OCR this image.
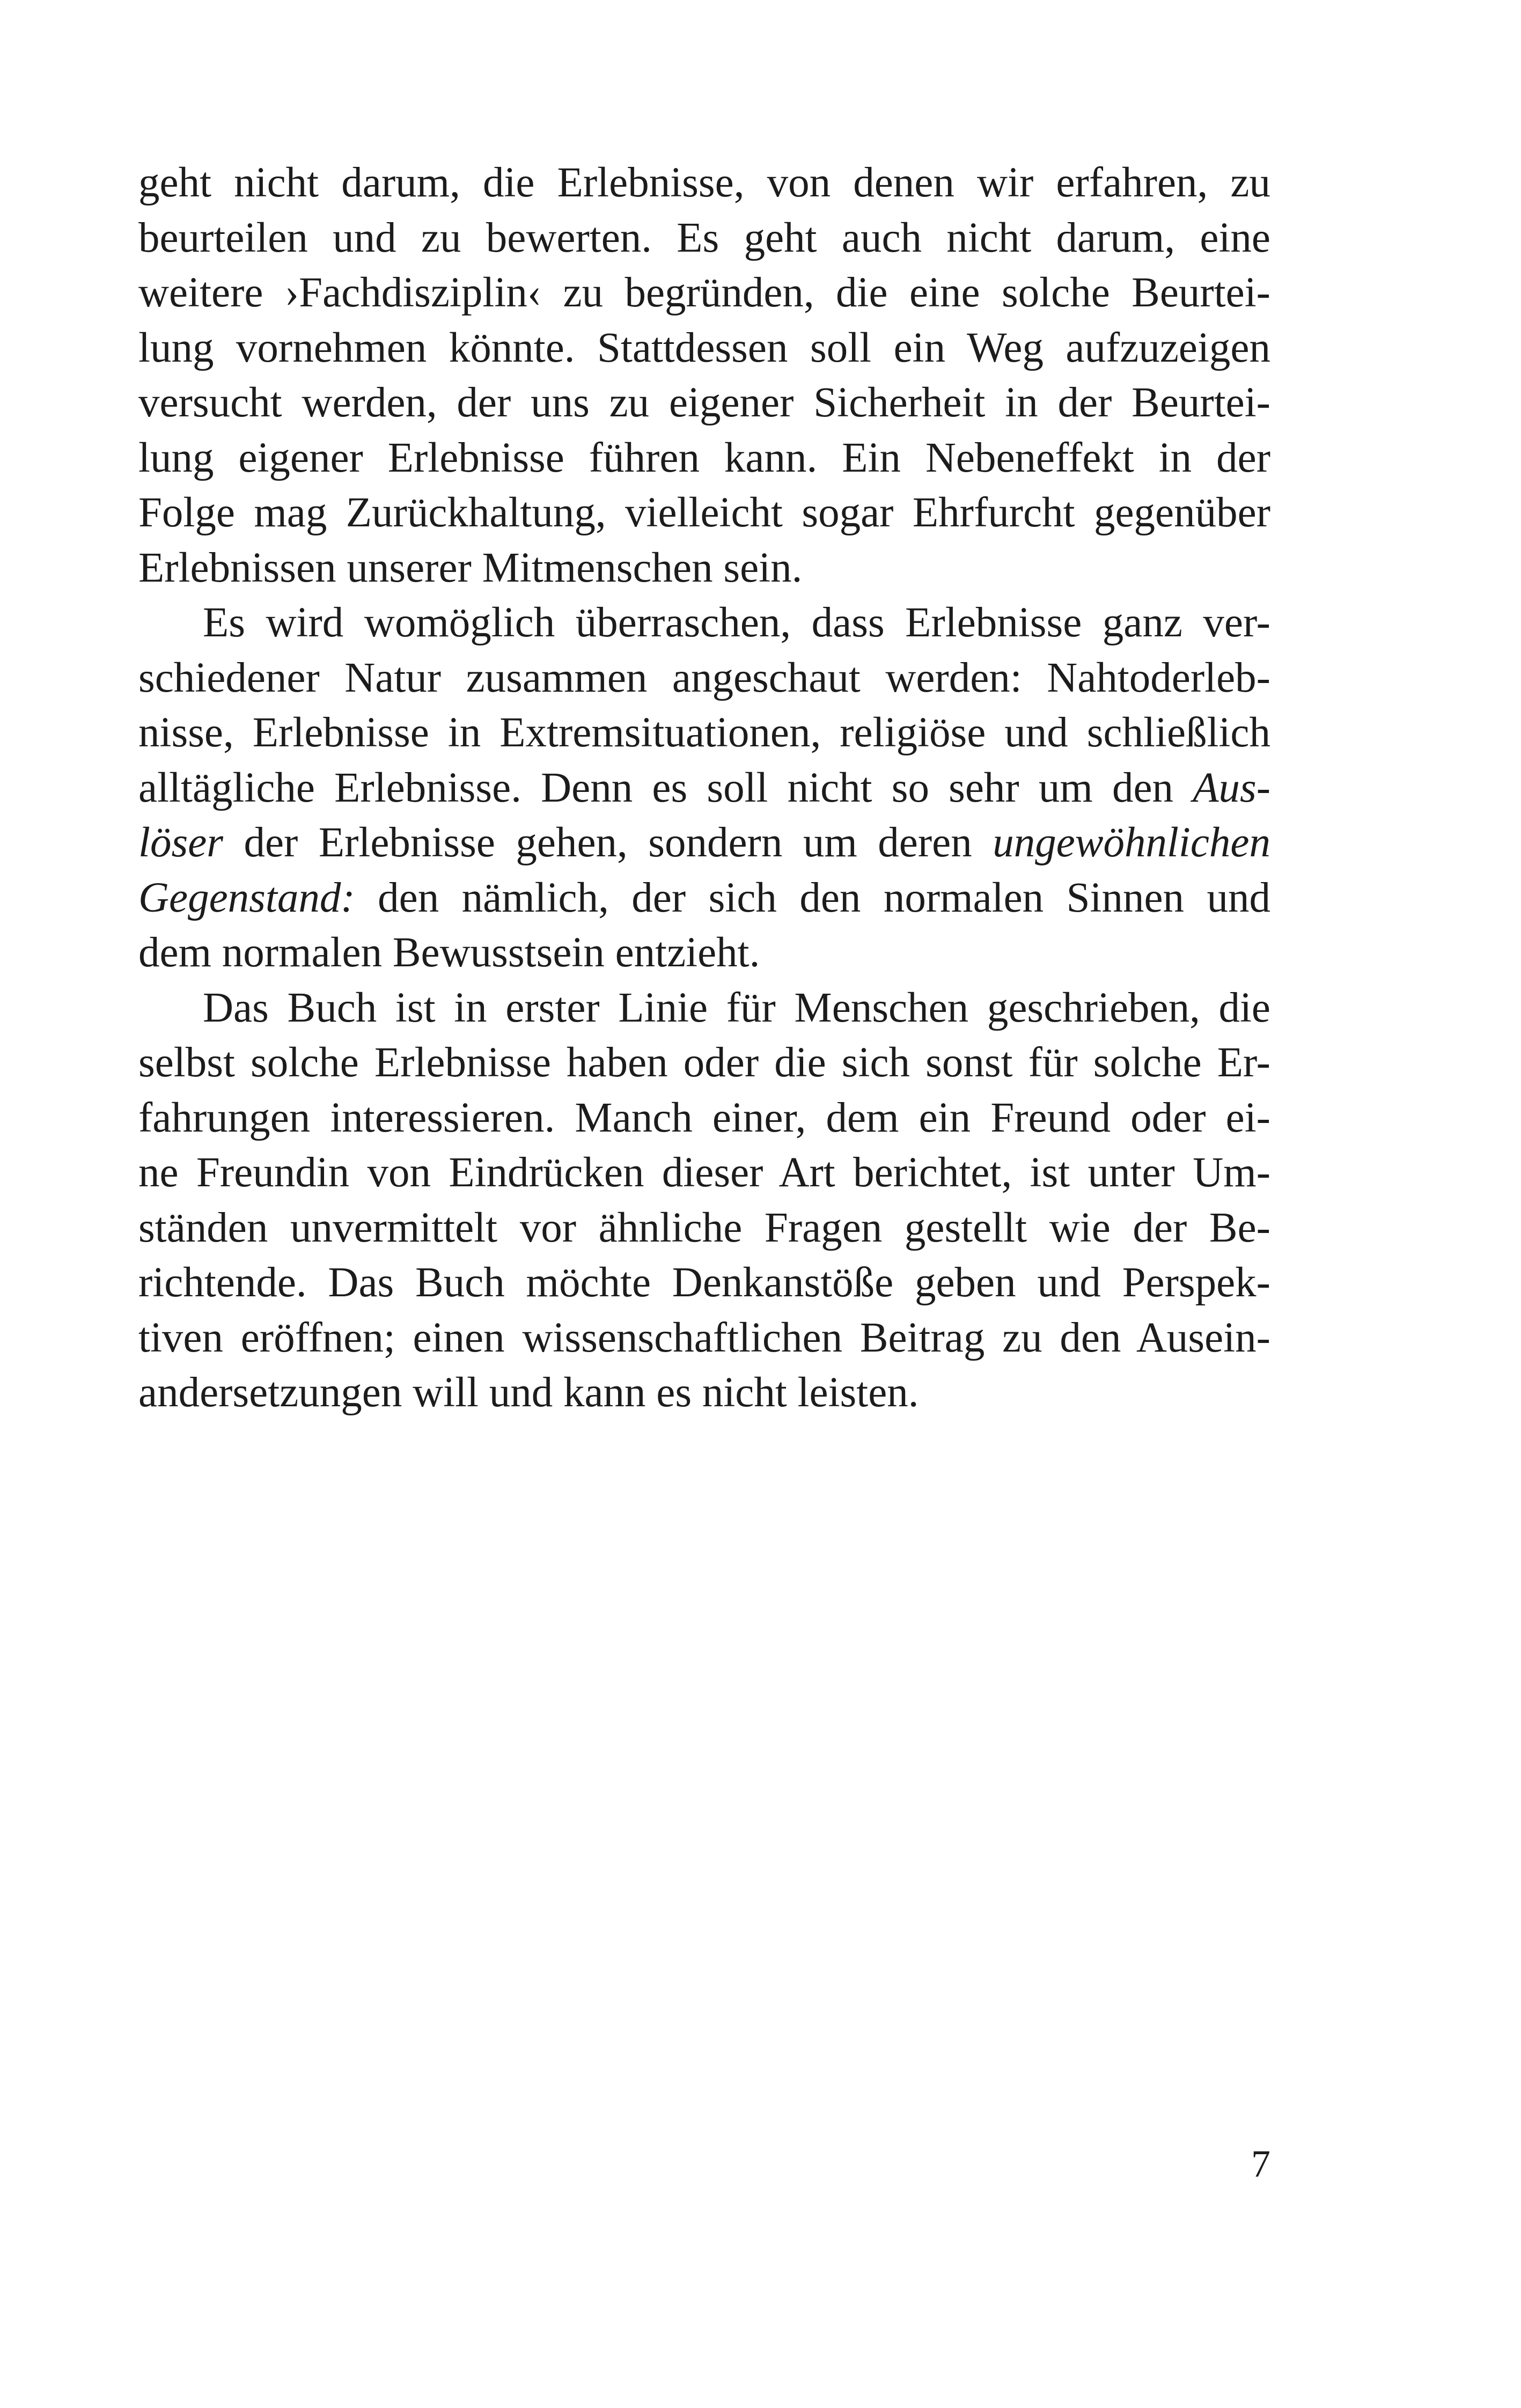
geht nicht darum, die Erlebnisse, von denen wir erfahren, zu
beurteilen und zu bewerten. Es geht auch nicht darum, eine
weitere ›Fachdisziplin‹ zu begründen, die eine solche Beurtei-
lung vornehmen könnte. Stattdessen soll ein Weg aufzuzeigen
versucht werden, der uns zu eigener Sicherheit in der Beurtei-
lung eigener Erlebnisse führen kann. Ein Nebeneffekt in der
Folge mag Zurückhaltung, vielleicht sogar Ehrfurcht gegenüber
Erlebnissen unserer Mitmenschen sein.
Es wird womöglich überraschen, dass Erlebnisse ganz ver-
schiedener Natur zusammen angeschaut werden: Nahtoderleb-
nisse, Erlebnisse in Extremsituationen, religiöse und schließlich
alltägliche Erlebnisse. Denn es soll nicht so sehr um den Aus-
löser der Erlebnisse gehen, sondern um deren ungewöhnlichen
Gegenstand: den nämlich, der sich den normalen Sinnen und
dem normalen Bewusstsein entzieht.
Das Buch ist in erster Linie für Menschen geschrieben, die
selbst solche Erlebnisse haben oder die sich sonst für solche Er-
fahrungen interessieren. Manch einer, dem ein Freund oder ei-
ne Freundin von Eindrücken dieser Art berichtet, ist unter Um-
ständen unvermittelt vor ähnliche Fragen gestellt wie der Be-
richtende. Das Buch möchte Denkanstöße geben und Perspek-
tiven eröffnen; einen wissenschaftlichen Beitrag zu den Ausein-
andersetzungen will und kann es nicht leisten.
7
